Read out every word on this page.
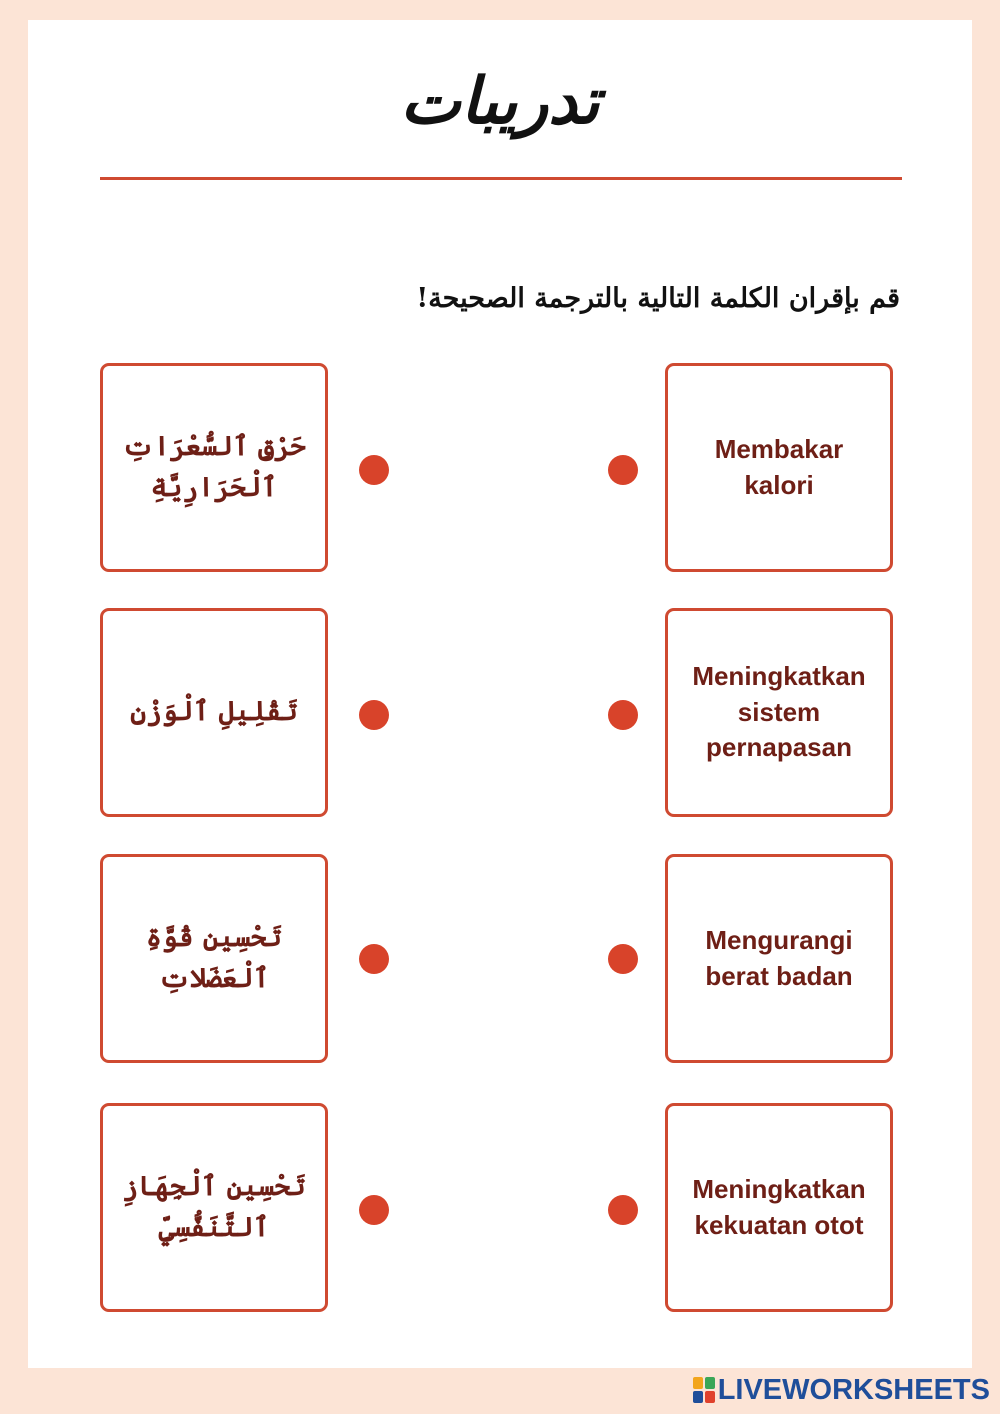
تدريبات
قم بإقران الكلمة التالية بالترجمة الصحيحة!
حَرْقِ ٱلسُّعْرَاتِ ٱلْحَرَارِيَّةِ
Membakar kalori
تَقْلِيلِ ٱلْوَزْنِ
Meningkatkan sistem pernapasan
تَحْسِينِ قُوَّةِ ٱلْعَضَلاتِ
Mengurangi berat badan
تَحْسِينِ ٱلْجِهَازِ ٱلتَّنَفُّسِيِّ
Meningkatkan kekuatan otot
LIVEWORKSHEETS
